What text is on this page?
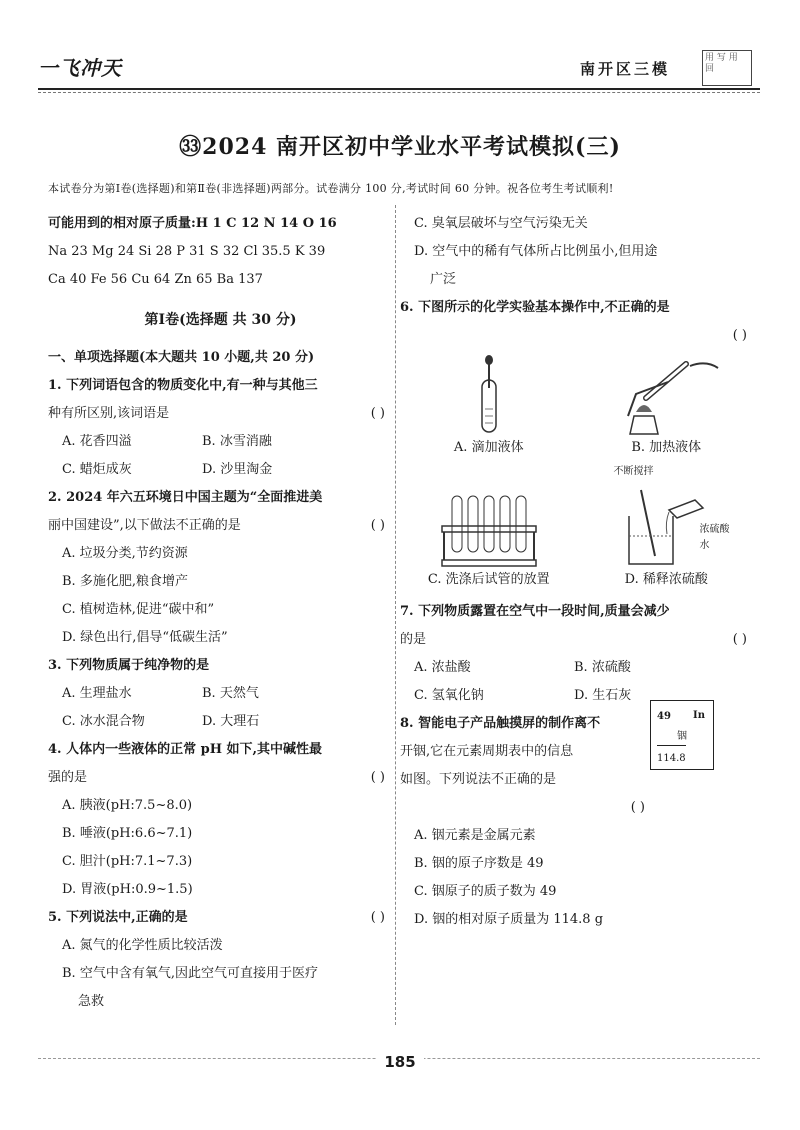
一飞冲天	南开区三模
用 写 用 回
㉝2024 南开区初中学业水平考试模拟(三)
本试卷分为第Ⅰ卷(选择题)和第Ⅱ卷(非选择题)两部分。试卷满分 100 分,考试时间 60 分钟。祝各位考生考试顺利!
可能用到的相对原子质量:H 1 C 12 N 14 O 16
Na 23 Mg 24 Si 28 P 31 S 32 Cl 35.5 K 39
Ca 40 Fe 56 Cu 64 Zn 65 Ba 137
第Ⅰ卷(选择题 共 30 分)
一、单项选择题(本大题共 10 小题,共 20 分)
1. 下列词语包含的物质变化中,有一种与其他三
种有所区别,该词语是	( )
A. 花香四溢	B. 冰雪消融
C. 蜡炬成灰	D. 沙里淘金
2. 2024 年六五环境日中国主题为“全面推进美
丽中国建设”,以下做法不正确的是	( )
A. 垃圾分类,节约资源
B. 多施化肥,粮食增产
C. 植树造林,促进“碳中和”
D. 绿色出行,倡导“低碳生活”
3. 下列物质属于纯净物的是
A. 生理盐水	B. 天然气
C. 冰水混合物	D. 大理石
4. 人体内一些液体的正常 pH 如下,其中碱性最
强的是	( )
A. 胰液(pH:7.5~8.0)
B. 唾液(pH:6.6~7.1)
C. 胆汁(pH:7.1~7.3)
D. 胃液(pH:0.9~1.5)
5. 下列说法中,正确的是	( )
A. 氮气的化学性质比较活泼
B. 空气中含有氧气,因此空气可直接用于医疗
急救
C. 臭氧层破坏与空气污染无关
D. 空气中的稀有气体所占比例虽小,但用途
广泛
6. 下图所示的化学实验基本操作中,不正确的是
( )
A. 滴加液体	B. 加热液体
C. 洗涤后试管的放置
不断搅拌
浓硫酸
水
D. 稀释浓硫酸
7. 下列物质露置在空气中一段时间,质量会减少
的是	( )
A. 浓盐酸	B. 浓硫酸
C. 氢氧化钠	D. 生石灰
49 In
铟
114.8
8. 智能电子产品触摸屏的制作离不
开铟,它在元素周期表中的信息
如图。下列说法不正确的是
( )
A. 铟元素是金属元素
B. 铟的原子序数是 49
C. 铟原子的质子数为 49
D. 铟的相对原子质量为 114.8 g
185
